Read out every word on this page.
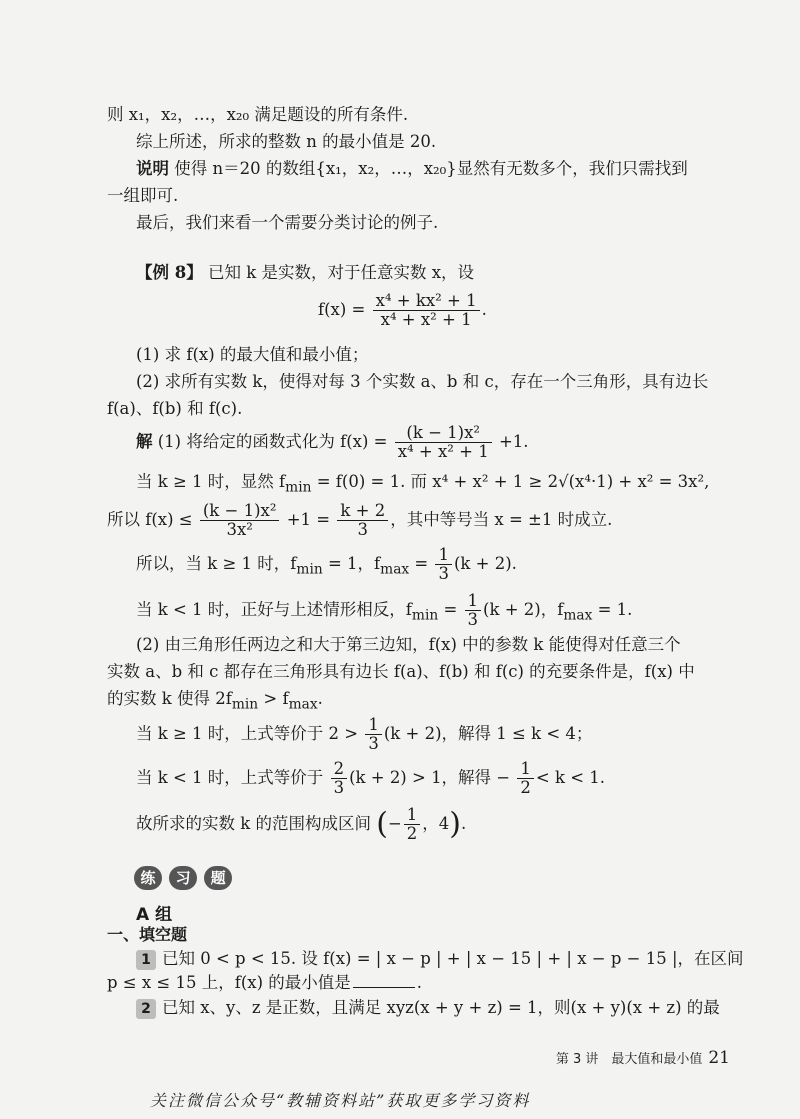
则 x₁，x₂，…，x₂₀ 满足题设的所有条件.
综上所述，所求的整数 n 的最小值是 20.
说明 使得 n＝20 的数组{x₁，x₂，…，x₂₀}显然有无数多个，我们只需找到
一组即可.
最后，我们来看一个需要分类讨论的例子.
【例 8】 已知 k 是实数，对于任意实数 x，设
$f(x) = \frac{\text{x⁴ + kx² + 1}}{\text{x⁴ + x² + 1}}$ .
(1) 求 f(x) 的最大值和最小值；
(2) 求所有实数 k，使得对每 3 个实数 a、b 和 c，存在一个三角形，具有边长
f(a)、f(b) 和 f(c).
解 (1) 将给定的函数式化为 $f(x) = \frac{\text{(k − 1)x²}}{\text{x⁴ + x² + 1}} +1$.
当 k ≥ 1 时，显然 $f_{min} = f(0) = 1$. 而 x⁴ + x² + 1 ≥ 2√(x⁴·1) + x² = 3x²,
所以 $f(x) \le \frac{\text{(k − 1)x²}}{\text{3x²}} +1 = \frac{k + 2}{3}$ ，其中等号当 x = ±1 时成立.
所以，当 k ≥ 1 时，$f_{min} = 1$，$f_{max} = \frac{1}{3} (k + 2)$.
当 k < 1 时，正好与上述情形相反，$f_{min} = \frac{1}{3} (k + 2)$，$f_{max} = 1$.
(2) 由三角形任两边之和大于第三边知，f(x) 中的参数 k 能使得对任意三个
实数 a、b 和 c 都存在三角形具有边长 f(a)、f(b) 和 f(c) 的充要条件是，f(x) 中
的实数 k 使得 $2f_{min} > f_{max}$.
当 k ≥ 1 时，上式等价于 $2 > \frac{1}{3} (k + 2)$，解得 1 ≤ k < 4；
当 k < 1 时，上式等价于 $\frac{2}{3} (k + 2) > 1$，解得 − $\frac{1}{2} < k < 1$.
故所求的实数 k 的范围构成区间 (− $\frac{1}{2}$ ，4).
练 习 题
A 组
一、填空题
1 已知 0 < p < 15. 设 f(x) = | x − p | + | x − 15 | + | x − p − 15 |，在区间
p ≤ x ≤ 15 上，f(x) 的最小值是	.
2 已知 x、y、z 是正数，且满足 xyz(x + y + z) = 1，则(x + y)(x + z) 的最
第 3 讲　最大值和最小值 21
关注微信公众号“教辅资料站”获取更多学习资料
